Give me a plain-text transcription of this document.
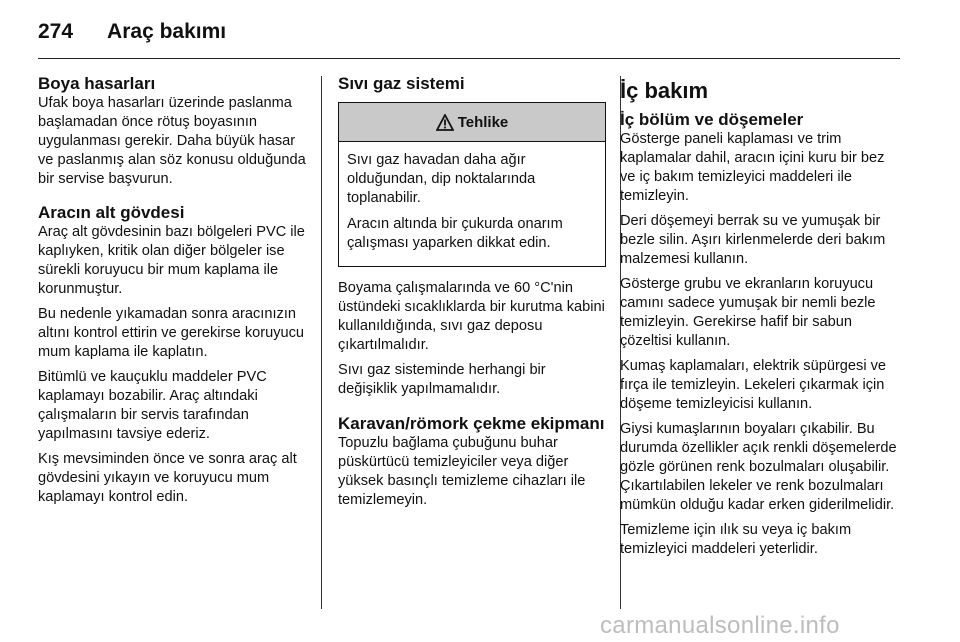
274 Araç bakımı
Boya hasarları

Ufak boya hasarları üzerinde paslanma başlamadan önce rötuş boyasının uygulanması gerekir. Daha büyük hasar ve paslanmış alan söz konusu olduğunda bir servise başvurun.

Aracın alt gövdesi

Araç alt gövdesinin bazı bölgeleri PVC ile kaplıyken, kritik olan diğer bölgeler ise sürekli koruyucu bir mum kaplama ile korunmuştur.

Bu nedenle yıkamadan sonra aracınızın altını kontrol ettirin ve gerekirse koruyucu mum kaplama ile kaplatın.

Bitümlü ve kauçuklu maddeler PVC kaplamayı bozabilir. Araç altındaki çalışmaların bir servis tarafından yapılmasını tavsiye ederiz.

Kış mevsiminden önce ve sonra araç alt gövdesini yıkayın ve koruyucu mum kaplamayı kontrol edin.

Sıvı gaz sistemi
Tehlike

Sıvı gaz havadan daha ağır olduğundan, dip noktalarında toplanabilir.

Aracın altında bir çukurda onarım çalışması yaparken dikkat edin.

Boyama çalışmalarında ve 60 °C'nin üstündeki sıcaklıklarda bir kurutma kabini kullanıldığında, sıvı gaz deposu çıkartılmalıdır.

Sıvı gaz sisteminde herhangi bir değişiklik yapılmamalıdır.

Karavan/römork çekme ekipmanı

Topuzlu bağlama çubuğunu buhar püskürtücü temizleyiciler veya diğer yüksek basınçlı temizleme cihazları ile temizlemeyin.

İç bakım
İç bölüm ve döşemeler

Gösterge paneli kaplaması ve trim kaplamalar dahil, aracın içini kuru bir bez ve iç bakım temizleyici maddeleri ile temizleyin.

Deri döşemeyi berrak su ve yumuşak bir bezle silin. Aşırı kirlenmelerde deri bakım malzemesi kullanın.

Gösterge grubu ve ekranların koruyucu camını sadece yumuşak bir nemli bezle temizleyin. Gerekirse hafif bir sabun çözeltisi kullanın.

Kumaş kaplamaları, elektrik süpürgesi ve fırça ile temizleyin. Lekeleri çıkarmak için döşeme temizleyicisi kullanın.

Giysi kumaşlarının boyaları çıkabilir. Bu durumda özellikler açık renkli döşemelerde gözle görünen renk bozulmaları oluşabilir. Çıkartılabilen lekeler ve renk bozulmaları mümkün olduğu kadar erken giderilmelidir.

Temizleme için ılık su veya iç bakım temizleyici maddeleri yeterlidir.

carmanualsonline.info
